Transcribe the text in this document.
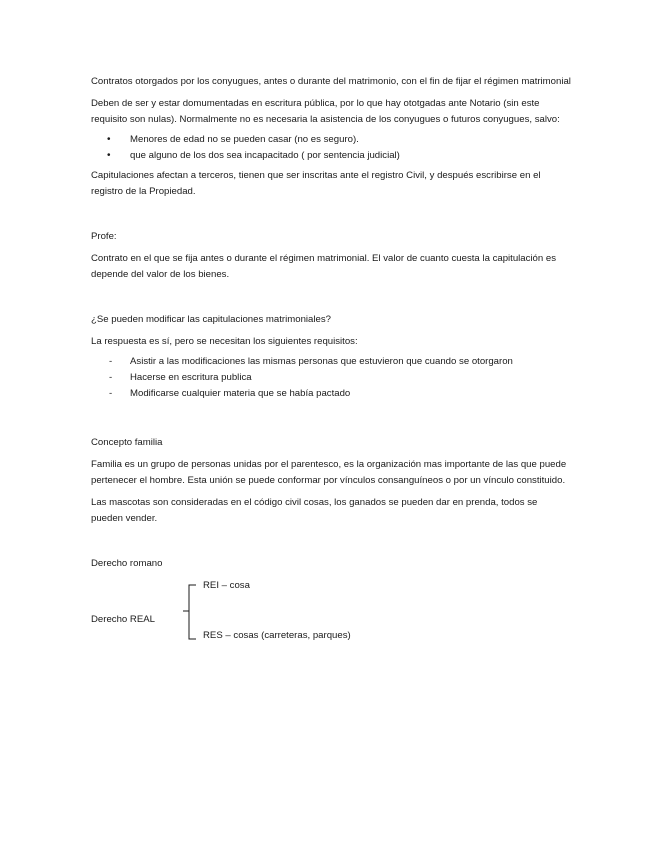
Contratos otorgados por los conyugues, antes o durante del matrimonio, con el fin de fijar el régimen matrimonial

Deben de ser y estar domumentadas en escritura pública, por lo que hay ototgadas ante Notario (sin este requisito son nulas). Normalmente no es necesaria la asistencia de los conyugues o futuros conyugues, salvo:

• Menores de edad no se pueden casar (no es seguro).
• que alguno de los dos sea incapacitado ( por sentencia judicial)

Capitulaciones afectan a terceros, tienen que ser inscritas ante el registro Civil, y después escribirse en el registro de la Propiedad.

Profe:

Contrato en el que se fija antes o durante el régimen matrimonial. El valor de cuanto cuesta la capitulación es depende del valor de los bienes.

¿Se pueden modificar las capitulaciones matrimoniales?

La respuesta es sí, pero se necesitan los siguientes requisitos:

- Asistir a las modificaciones las mismas personas que estuvieron que cuando se otorgaron
- Hacerse en escritura publica
- Modificarse cualquier materia que se había pactado

Concepto familia

Familia es un grupo de personas unidas por el parentesco, es la organización mas importante de las que puede pertenecer el hombre. Esta unión se puede conformar por vínculos consanguíneos o por un vínculo constituido.

Las mascotas son consideradas en el código civil cosas, los ganados se pueden dar en prenda, todos se pueden vender.

Derecho romano

Derecho REAL
REI – cosa
RES – cosas (carreteras, parques)
